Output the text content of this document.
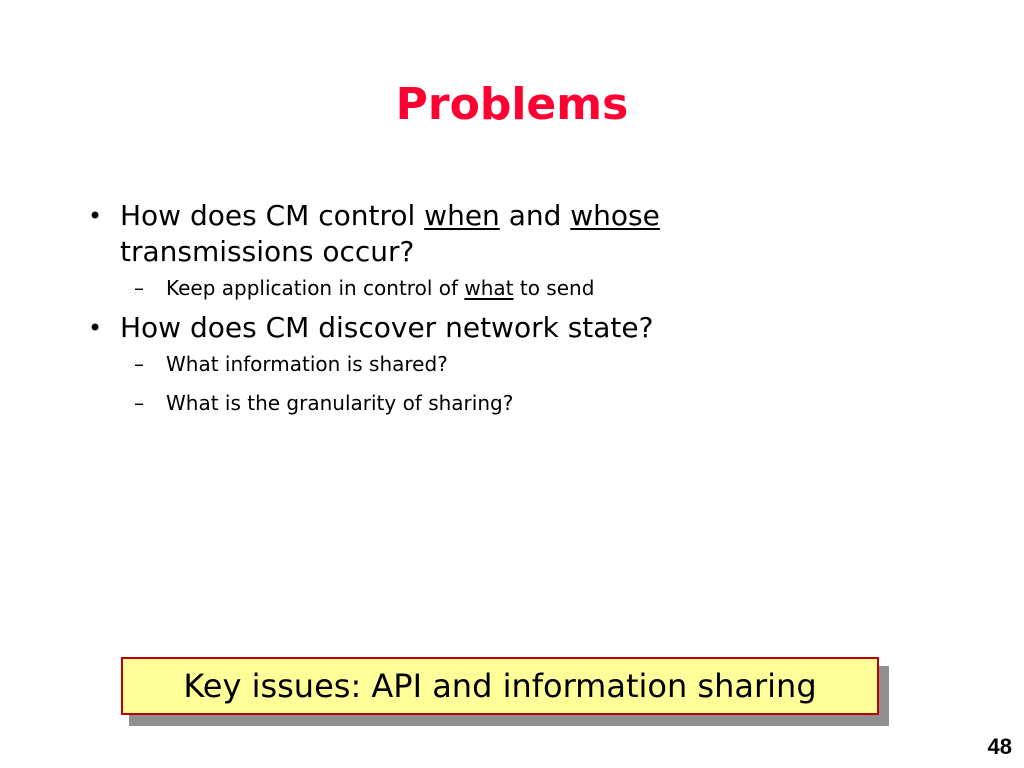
Problems
• How does CM control when and whose
transmissions occur?
– Keep application in control of what to send
• How does CM discover network state?
– What information is shared?
– What is the granularity of sharing?
Key issues: API and information sharing
48
